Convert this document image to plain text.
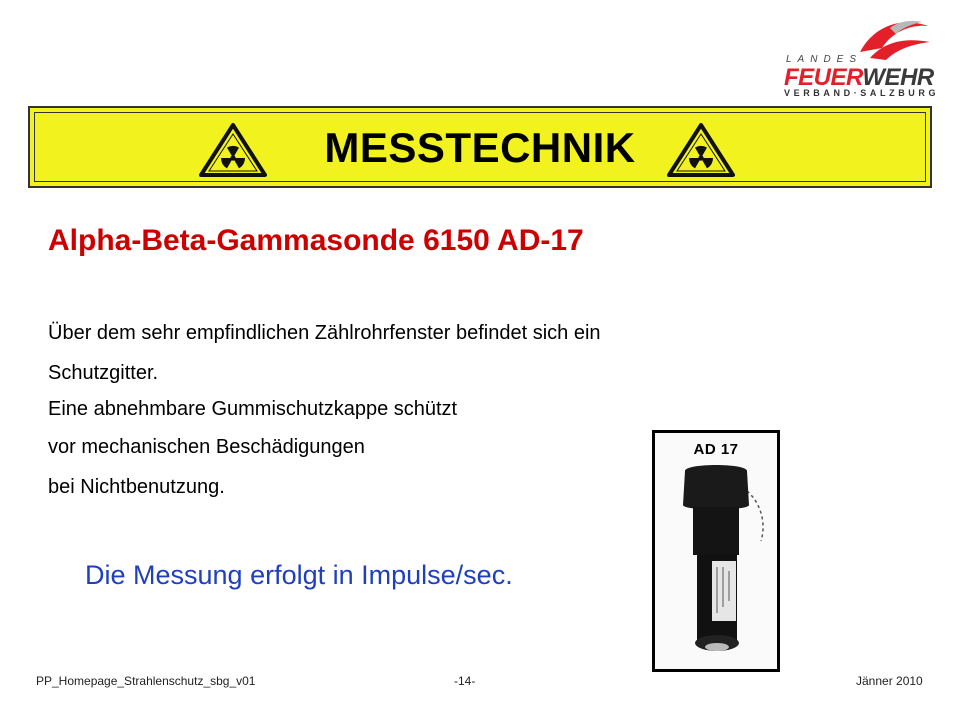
LANDES
FEUERWEHR
VERBAND·SALZBURG
MESSTECHNIK
Alpha-Beta-Gammasonde 6150 AD-17
Über dem sehr empfindlichen Zählrohrfenster befindet sich ein
Schutzgitter.
Eine abnehmbare Gummischutzkappe schützt
vor mechanischen Beschädigungen
bei Nichtbenutzung.
Die Messung erfolgt in Impulse/sec.
AD 17
PP_Homepage_Strahlenschutz_sbg_v01	-14-	Jänner 2010
